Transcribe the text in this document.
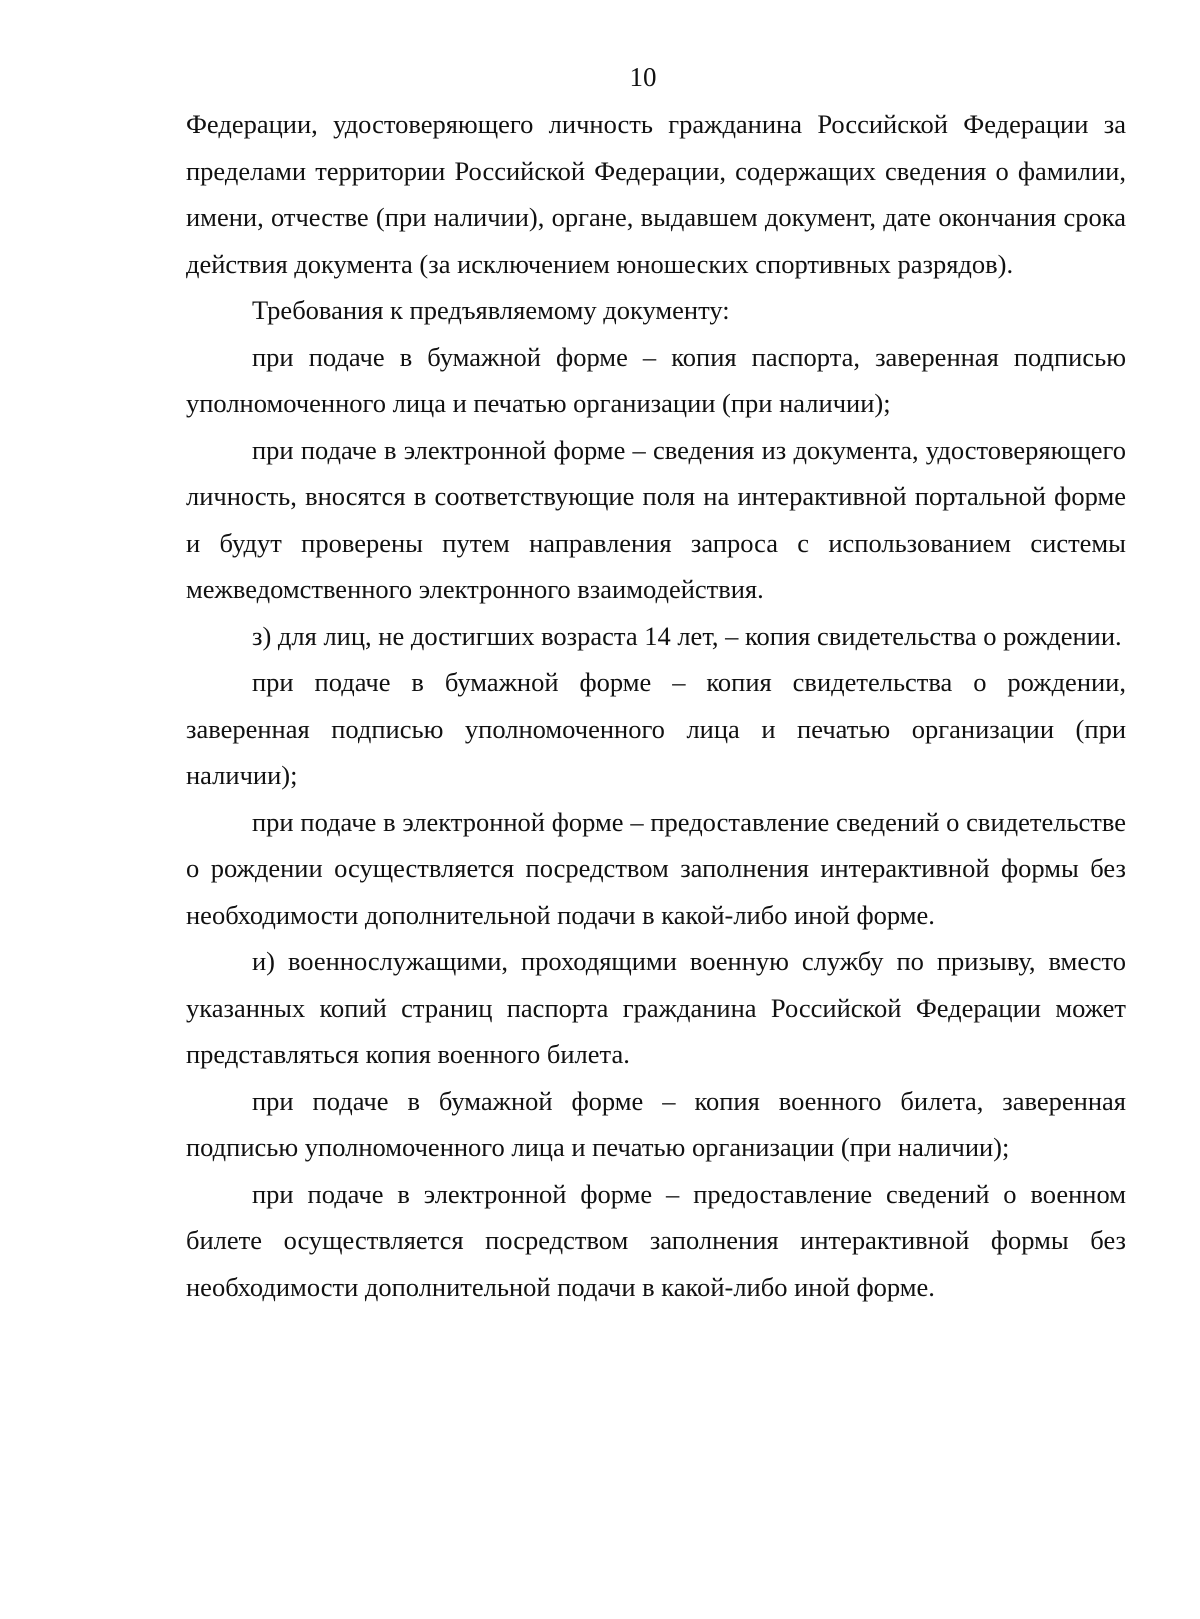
10

Федерации, удостоверяющего личность гражданина Российской Федерации за пределами территории Российской Федерации, содержащих сведения о фамилии, имени, отчестве (при наличии), органе, выдавшем документ, дате окончания срока действия документа (за исключением юношеских спортивных разрядов).

Требования к предъявляемому документу:

при подаче в бумажной форме – копия паспорта, заверенная подписью уполномоченного лица и печатью организации (при наличии);

при подаче в электронной форме – сведения из документа, удостоверяющего личность, вносятся в соответствующие поля на интерактивной портальной форме и будут проверены путем направления запроса с использованием системы межведомственного электронного взаимодействия.

з) для лиц, не достигших возраста 14 лет, – копия свидетельства о рождении.

при подаче в бумажной форме – копия свидетельства о рождении, заверенная подписью уполномоченного лица и печатью организации (при наличии);

при подаче в электронной форме – предоставление сведений о свидетельстве о рождении осуществляется посредством заполнения интерактивной формы без необходимости дополнительной подачи в какой-либо иной форме.

и) военнослужащими, проходящими военную службу по призыву, вместо указанных копий страниц паспорта гражданина Российской Федерации может представляться копия военного билета.

при подаче в бумажной форме – копия военного билета, заверенная подписью уполномоченного лица и печатью организации (при наличии);

при подаче в электронной форме – предоставление сведений о военном билете осуществляется посредством заполнения интерактивной формы без необходимости дополнительной подачи в какой-либо иной форме.
